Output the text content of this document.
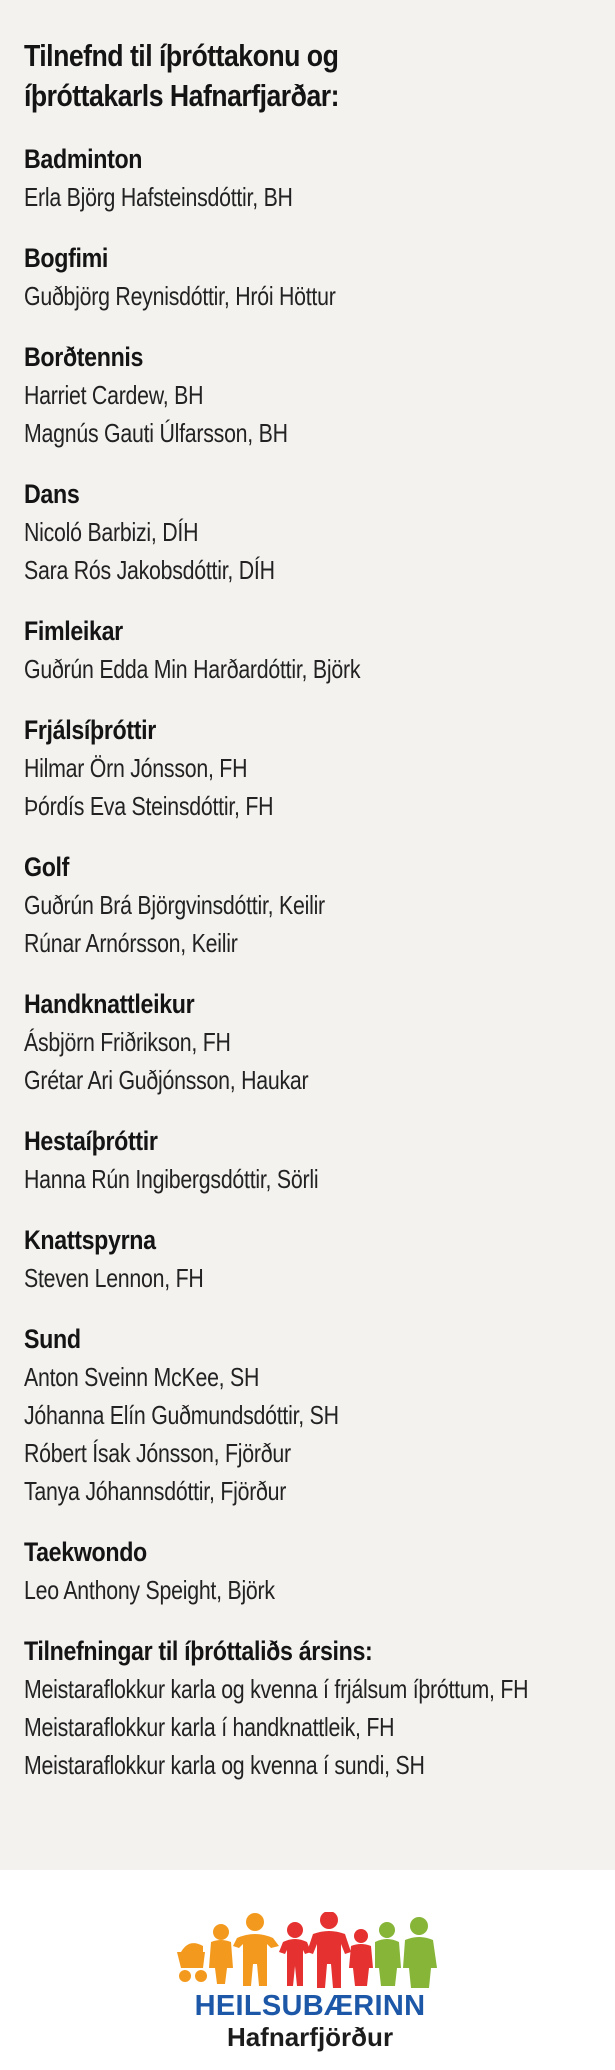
Tilnefnd til íþróttakonu og
íþróttakarls Hafnarfjarðar:
Badminton
Erla Björg Hafsteinsdóttir, BH
Bogfimi
Guðbjörg Reynisdóttir, Hrói Höttur
Borðtennis
Harriet Cardew, BH
Magnús Gauti Úlfarsson, BH
Dans
Nicoló Barbizi, DÍH
Sara Rós Jakobsdóttir, DÍH
Fimleikar
Guðrún Edda Min Harðardóttir, Björk
Frjálsíþróttir
Hilmar Örn Jónsson, FH
Þórdís Eva Steinsdóttir, FH
Golf
Guðrún Brá Björgvinsdóttir, Keilir
Rúnar Arnórsson, Keilir
Handknattleikur
Ásbjörn Friðrikson, FH
Grétar Ari Guðjónsson, Haukar
Hestaíþróttir
Hanna Rún Ingibergsdóttir, Sörli
Knattspyrna
Steven Lennon, FH
Sund
Anton Sveinn McKee, SH
Jóhanna Elín Guðmundsdóttir, SH
Róbert Ísak Jónsson, Fjörður
Tanya Jóhannsdóttir, Fjörður
Taekwondo
Leo Anthony Speight, Björk
Tilnefningar til íþróttaliðs ársins:
Meistaraflokkur karla og kvenna í frjálsum íþróttum, FH
Meistaraflokkur karla í handknattleik, FH
Meistaraflokkur karla og kvenna í sundi, SH
HEILSUBÆRINN
Hafnarfjörður
